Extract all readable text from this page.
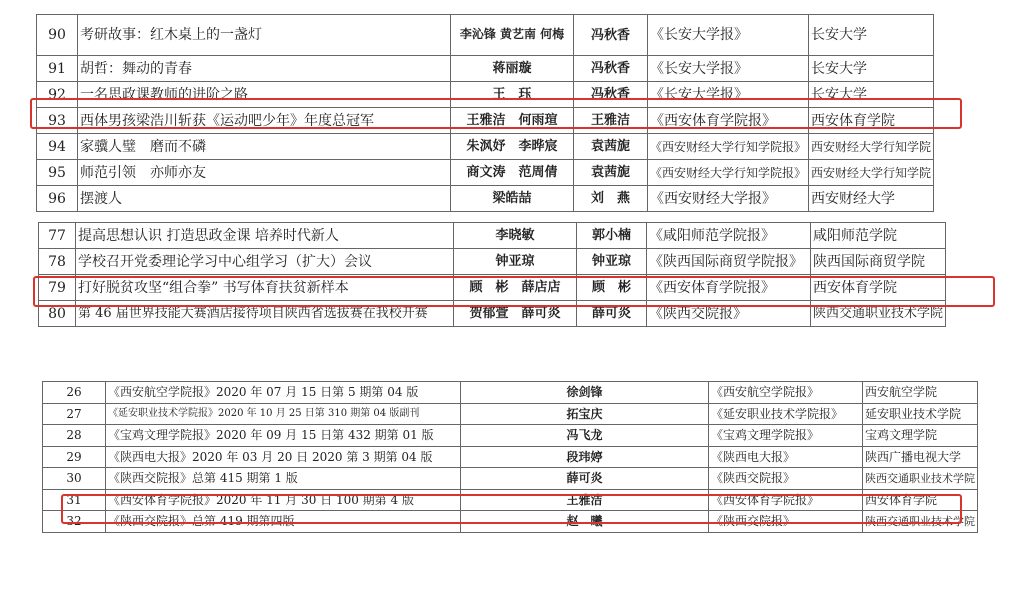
90	考研故事：红木桌上的一盏灯	李沁锋 黄艺南 何梅	冯秋香	《长安大学报》	长安大学
91	胡哲：舞动的青春	蒋丽璇	冯秋香	《长安大学报》	长安大学
92	一名思政课教师的进阶之路	王　珏	冯秋香	《长安大学报》	长安大学
93	西体男孩梁浩川斩获《运动吧少年》年度总冠军	王雅洁　何雨瑄	王雅洁	《西安体育学院报》	西安体育学院
94	家骥人璧　磨而不磷	朱沨妤　李晔宸	袁茜旎	《西安财经大学行知学院报》	西安财经大学行知学院
95	师范引领　亦师亦友	商文涛　范周倩	袁茜旎	《西安财经大学行知学院报》	西安财经大学行知学院
96	摆渡人	梁皓喆	刘　燕	《西安财经大学报》	西安财经大学
77	提高思想认识 打造思政金课 培养时代新人	李晓敏	郭小楠	《咸阳师范学院报》	咸阳师范学院
78	学校召开党委理论学习中心组学习（扩大）会议	钟亚琼	钟亚琼	《陕西国际商贸学院报》	陕西国际商贸学院
79	打好脱贫攻坚“组合拳” 书写体育扶贫新样本	顾　彬　薛店店	顾　彬	《西安体育学院报》	西安体育学院
80	第 46 届世界技能大赛酒店接待项目陕西省选拔赛在我校开赛	贺郁萱　薛可炎	薛可炎	《陕西交院报》	陕西交通职业技术学院
26	《西安航空学院报》2020 年 07 月 15 日第 5 期第 04 版	徐剑锋	《西安航空学院报》	西安航空学院
27	《延安职业技术学院报》2020 年 10 月 25 日第 310 期第 04 版副刊	拓宝庆	《延安职业技术学院报》	延安职业技术学院
28	《宝鸡文理学院报》2020 年 09 月 15 日第 432 期第 01 版	冯飞龙	《宝鸡文理学院报》	宝鸡文理学院
29	《陕西电大报》2020 年 03 月 20 日 2020 第 3 期第 04 版	段玮婷	《陕西电大报》	陕西广播电视大学
30	《陕西交院报》总第 415 期第 1 版	薛可炎	《陕西交院报》	陕西交通职业技术学院
31	《西安体育学院报》2020 年 11 月 30 日 100 期第 4 版	王雅洁	《西安体育学院报》	西安体育学院
32	《陕西交院报》总第 419 期第四版	赵　曦	《陕西交院报》	陕西交通职业技术学院
